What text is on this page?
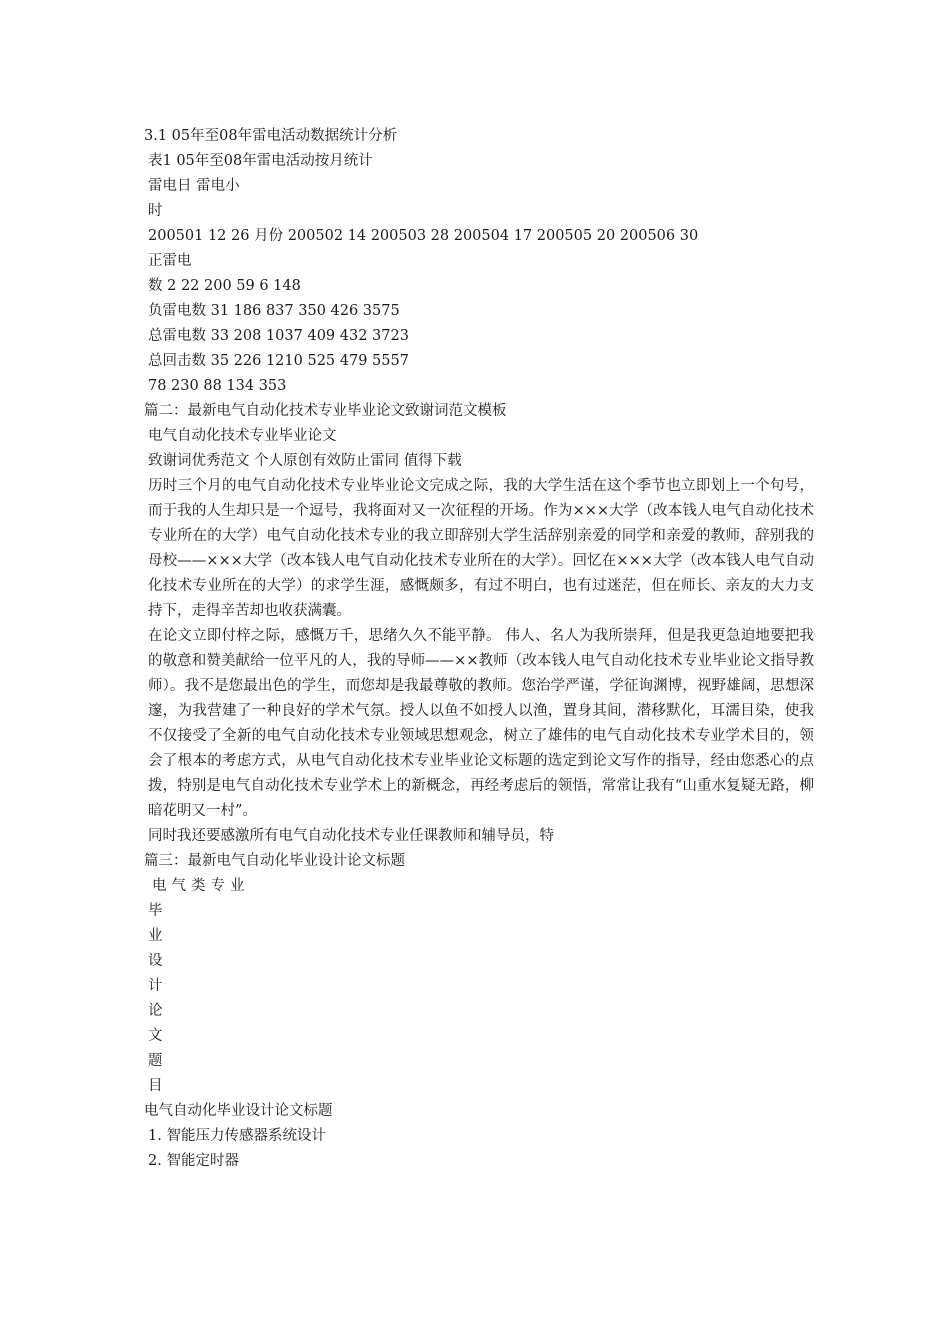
3.1 05年至08年雷电活动数据统计分析
表1 05年至08年雷电活动按月统计
雷电日 雷电小
时
200501 12 26 月份 200502 14 200503 28 200504 17 200505 20 200506 30
正雷电
数 2 22 200 59 6 148
负雷电数 31 186 837 350 426 3575
总雷电数 33 208 1037 409 432 3723
总回击数 35 226 1210 525 479 5557
78 230 88 134 353
篇二：最新电气自动化技术专业毕业论文致谢词范文模板
电气自动化技术专业毕业论文
致谢词优秀范文 个人原创有效防止雷同 值得下载
历时三个月的电气自动化技术专业毕业论文完成之际，我的大学生活在这个季节也立即划上一个句号，而于我的人生却只是一个逗号，我将面对又一次征程的开场。作为×××大学（改本钱人电气自动化技术专业所在的大学）电气自动化技术专业的我立即辞别大学生活辞别亲爱的同学和亲爱的教师，辞别我的母校——×××大学（改本钱人电气自动化技术专业所在的大学）。回忆在×××大学（改本钱人电气自动化技术专业所在的大学）的求学生涯，感慨颇多，有过不明白，也有过迷茫，但在师长、亲友的大力支持下，走得辛苦却也收获满囊。
在论文立即付梓之际，感慨万千，思绪久久不能平静。 伟人、名人为我所崇拜，但是我更急迫地要把我的敬意和赞美献给一位平凡的人，我的导师——××教师（改本钱人电气自动化技术专业毕业论文指导教师）。我不是您最出色的学生，而您却是我最尊敬的教师。您治学严谨，学征询渊博，视野雄阔，思想深邃，为我营建了一种良好的学术气氛。授人以鱼不如授人以渔，置身其间，潜移默化，耳濡目染，使我不仅接受了全新的电气自动化技术专业领域思想观念，树立了雄伟的电气自动化技术专业学术目的，领会了根本的考虑方式，从电气自动化技术专业毕业论文标题的选定到论文写作的指导，经由您悉心的点拨，特别是电气自动化技术专业学术上的新概念，再经考虑后的领悟，常常让我有“山重水复疑无路，柳暗花明又一村”。
同时我还要感激所有电气自动化技术专业任课教师和辅导员，特
篇三：最新电气自动化毕业设计论文标题
电气类专业
毕
业
设
计
论
文
题
目
电气自动化毕业设计论文标题
1. 智能压力传感器系统设计
2. 智能定时器
